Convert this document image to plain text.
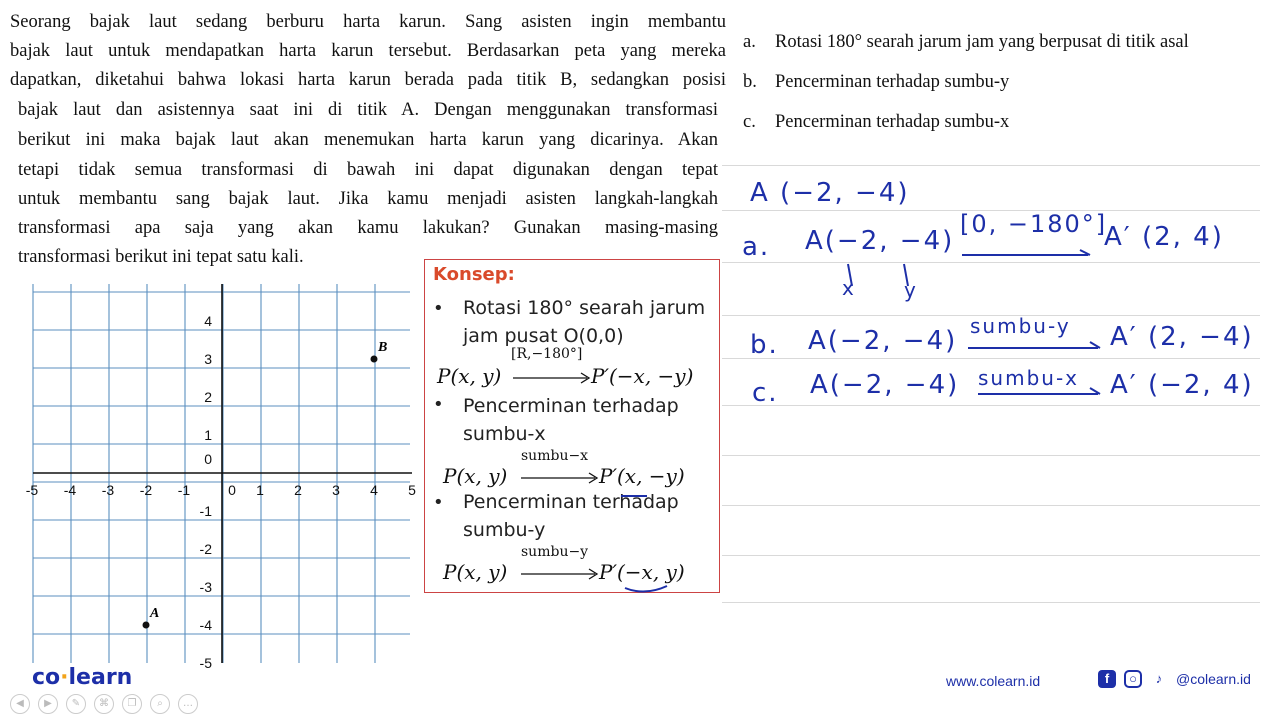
Seorang bajak laut sedang berburu harta karun. Sang asisten ingin membantu
bajak laut untuk mendapatkan harta karun tersebut. Berdasarkan peta yang mereka
dapatkan, diketahui bahwa lokasi harta karun berada pada titik B, sedangkan posisi
bajak laut dan asistennya saat ini di titik A. Dengan menggunakan transformasi
berikut ini maka bajak laut akan menemukan harta karun yang dicarinya. Akan
tetapi tidak semua transformasi di bawah ini dapat digunakan dengan tepat
untuk membantu sang bajak laut. Jika kamu menjadi asisten langkah-langkah
transformasi apa saja yang akan kamu lakukan? Gunakan masing-masing
transformasi berikut ini tepat satu kali.
a. Rotasi 180° searah jarum jam yang berpusat di titik asal
b. Pencerminan terhadap sumbu-y
c. Pencerminan terhadap sumbu-x
A (−2, −4)
a. A(−2, −4)
[0, −180°]
A′ (2, 4)
x y
b. A(−2, −4) sumbu-y A′ (2, −4)
c. A(−2, −4) sumbu-x A′ (−2, 4)
-5 -4 -3 -2 -1	0 1 2 3 4 5
4
3
2
1
0
-1
-2
-3
-4
-5
A
B
Konsep:
• Rotasi 180° searah jarum jam pusat O(0,0)
[R,−180°]
P(x, y)	P′(−x, −y)
• Pencerminan terhadap sumbu-x
sumbu−x
P(x, y)	P′(x, −y)
• Pencerminan terhadap sumbu-y
sumbu−y
P(x, y)	P′(−x, y)
co·learn	www.colearn.id	f	○	♪ @colearn.id
◀	▶	✎	⌘	❐	⌕	…
